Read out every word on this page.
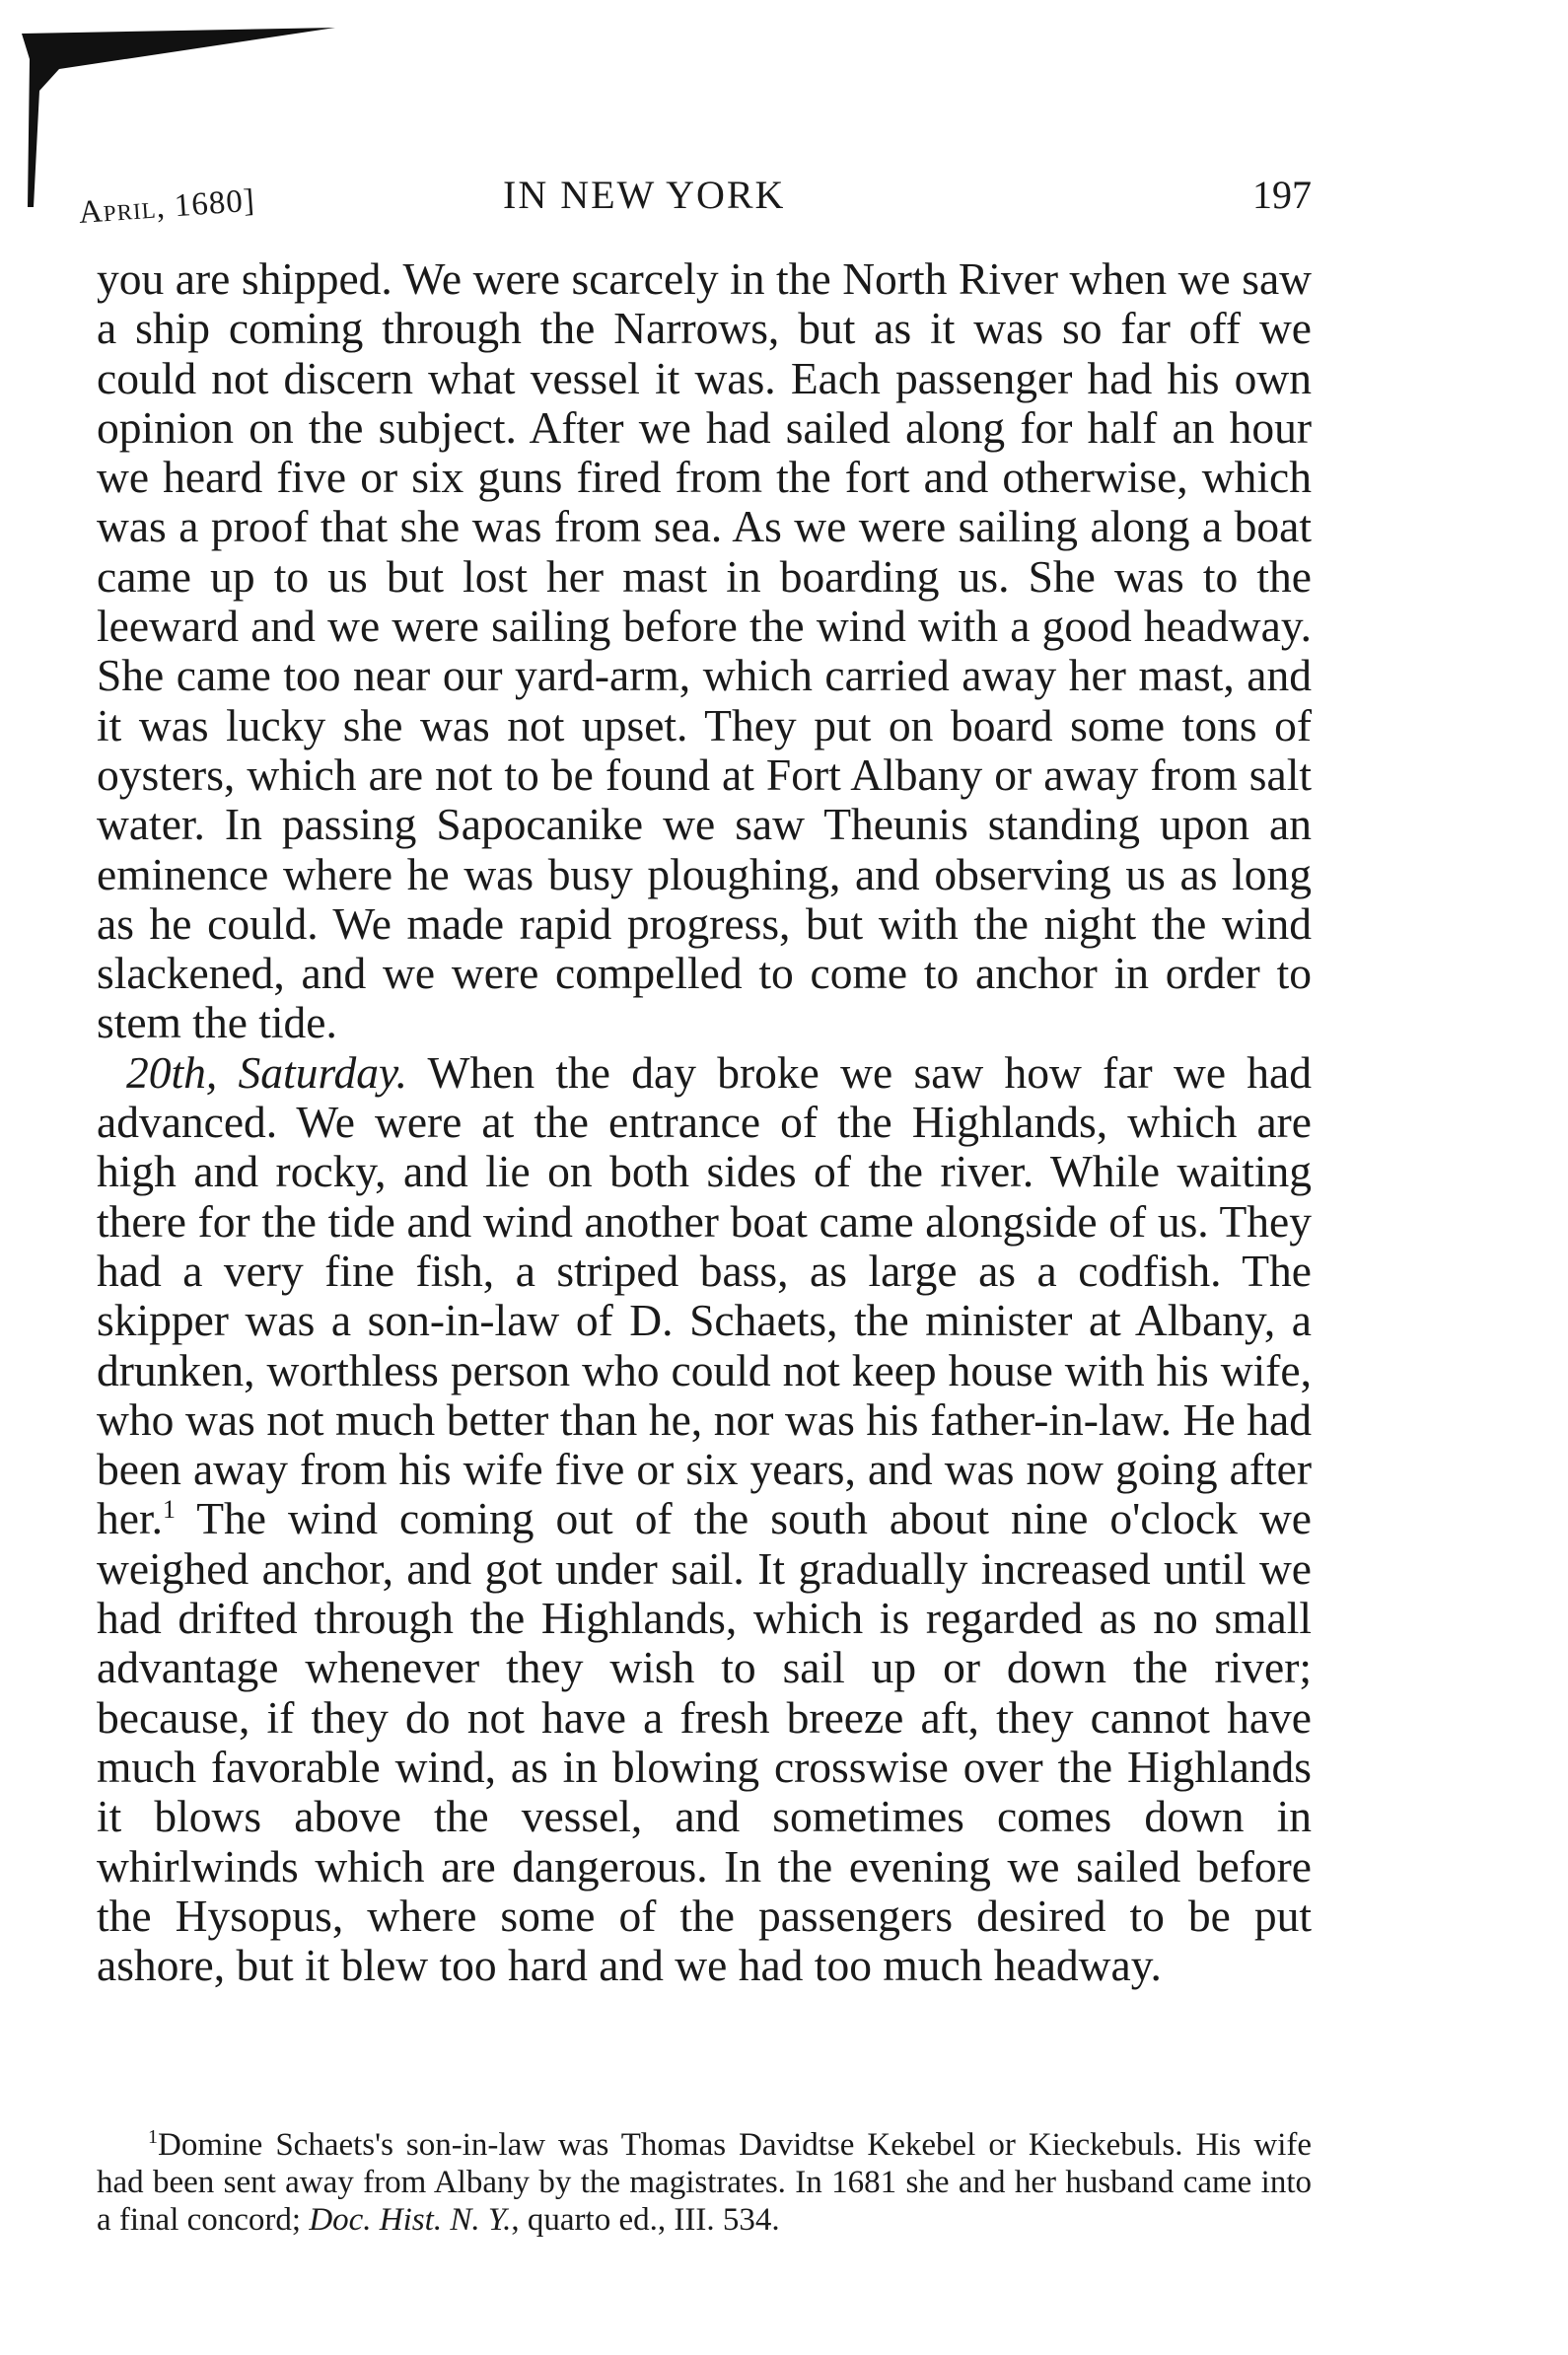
April, 1680]	IN NEW YORK	197

you are shipped. We were scarcely in the North River when we saw a ship coming through the Narrows, but as it was so far off we could not discern what vessel it was. Each passenger had his own opinion on the subject. After we had sailed along for half an hour we heard five or six guns fired from the fort and otherwise, which was a proof that she was from sea. As we were sailing along a boat came up to us but lost her mast in boarding us. She was to the leeward and we were sailing before the wind with a good headway. She came too near our yard-arm, which carried away her mast, and it was lucky she was not upset. They put on board some tons of oysters, which are not to be found at Fort Albany or away from salt water. In passing Sapocanike we saw Theunis standing upon an eminence where he was busy ploughing, and observing us as long as he could. We made rapid progress, but with the night the wind slackened, and we were compelled to come to anchor in order to stem the tide.

20th, Saturday. When the day broke we saw how far we had advanced. We were at the entrance of the Highlands, which are high and rocky, and lie on both sides of the river. While waiting there for the tide and wind another boat came alongside of us. They had a very fine fish, a striped bass, as large as a codfish. The skipper was a son-in-law of D. Schaets, the minister at Albany, a drunken, worthless person who could not keep house with his wife, who was not much better than he, nor was his father-in-law. He had been away from his wife five or six years, and was now going after her.$^1$ The wind coming out of the south about nine o'clock we weighed anchor, and got under sail. It gradually increased until we had drifted through the Highlands, which is regarded as no small advantage whenever they wish to sail up or down the river; because, if they do not have a fresh breeze aft, they cannot have much favorable wind, as in blowing crosswise over the Highlands it blows above the vessel, and sometimes comes down in whirlwinds which are dangerous. In the evening we sailed before the Hysopus, where some of the passengers desired to be put ashore, but it blew too hard and we had too much headway.

$^1$Domine Schaets's son-in-law was Thomas Davidtse Kekebel or Kieckebuls. His wife had been sent away from Albany by the magistrates. In 1681 she and her husband came into a final concord; Doc. Hist. N. Y., quarto ed., III. 534.
